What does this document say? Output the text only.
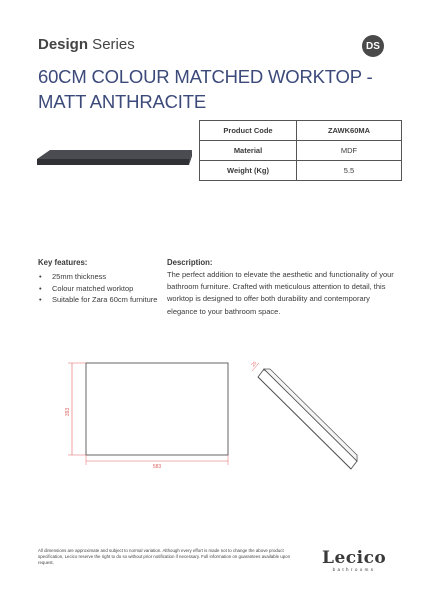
Design Series	DS
60CM COLOUR MATCHED WORKTOP - MATT ANTHRACITE
Product Code	ZAWK60MA
Material	MDF
Weight (Kg)	5.5
Key features:
• 25mm thickness
• Colour matched worktop
• Suitable for Zara 60cm furniture
Description:

The perfect addition to elevate the aesthetic and functionality of your bathroom furniture. Crafted with meticulous attention to detail, this worktop is designed to offer both durability and contemporary elegance to your bathroom space.

393
583
25
All dimensions are approximate and subject to normal variation. Although every effort is made not to change the above product specification, Lecico reserve the right to do so without prior notification if necessary. Full information on guarantees available upon request.	Lecico
bathrooms
